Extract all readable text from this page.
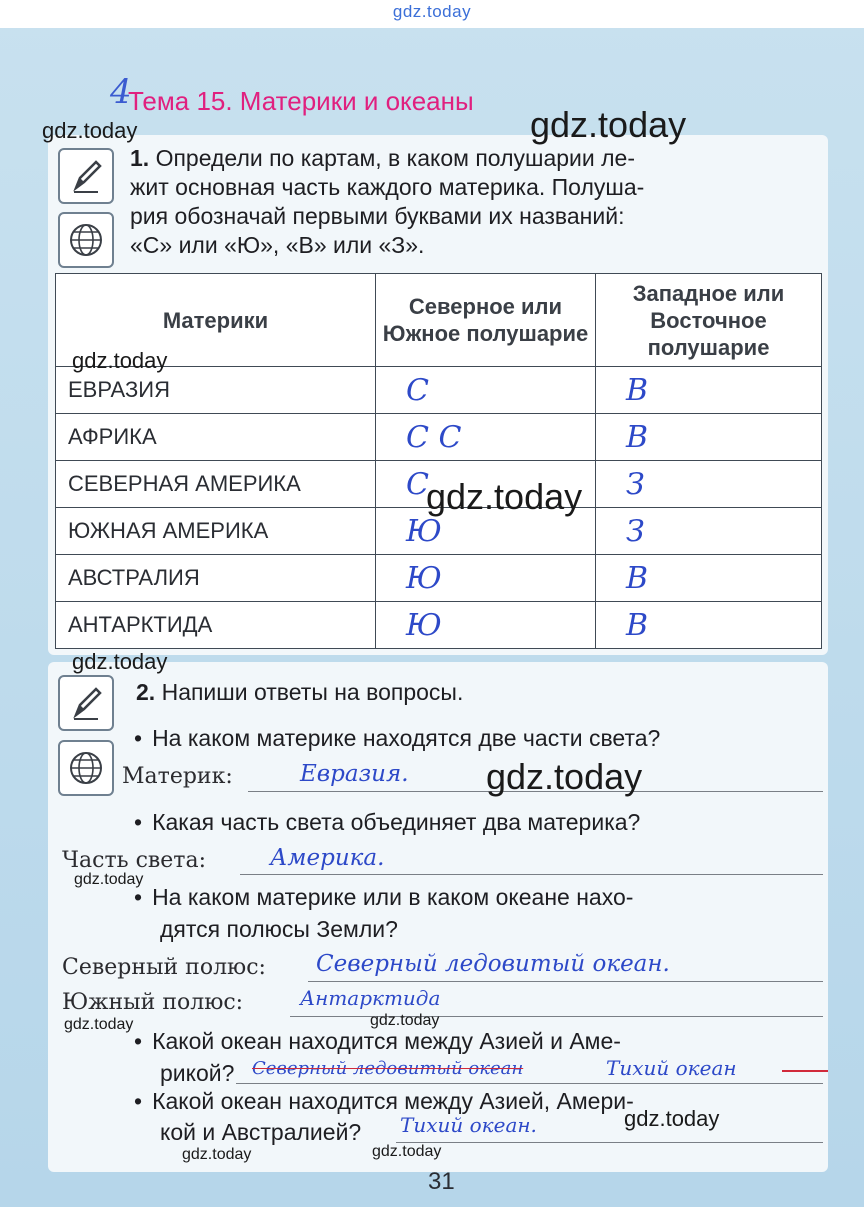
gdz.today
4
Тема 15. Материки и океаны
1. Определи по картам, в каком полушарии ле-
жит основная часть каждого материка. Полуша-
рия обозначай первыми буквами их названий:
«С» или «Ю», «В» или «З».
Материки	Северное или Южное полушарие	Западное или Восточное полушарие
ЕВРАЗИЯ	С	В
АФРИКА	С С	В
СЕВЕРНАЯ АМЕРИКА	С	З
ЮЖНАЯ АМЕРИКА	Ю	З
АВСТРАЛИЯ	Ю	В
АНТАРКТИДА	Ю	В
2. Напиши ответы на вопросы.
• На каком материке находятся две части света?
Материк:	Евразия.
• Какая часть света объединяет два материка?
Часть света:	Америка.
• На каком материке или в каком океане нахо-
дятся полюсы Земли?
Северный полюс: Северный ледовитый океан.
Южный полюс:	Антарктида
• Какой океан находится между Азией и Аме-
рикой? Северный ледовитый океан	Тихий океан
• Какой океан находится между Азией, Амери-
кой и Австралией? Тихий океан.
31
gdz.today
gdz.today
gdz.today
gdz.today
gdz.today
gdz.today
gdz.today
gdz.today	gdz.today
gdz.today
gdz.today	gdz.today
